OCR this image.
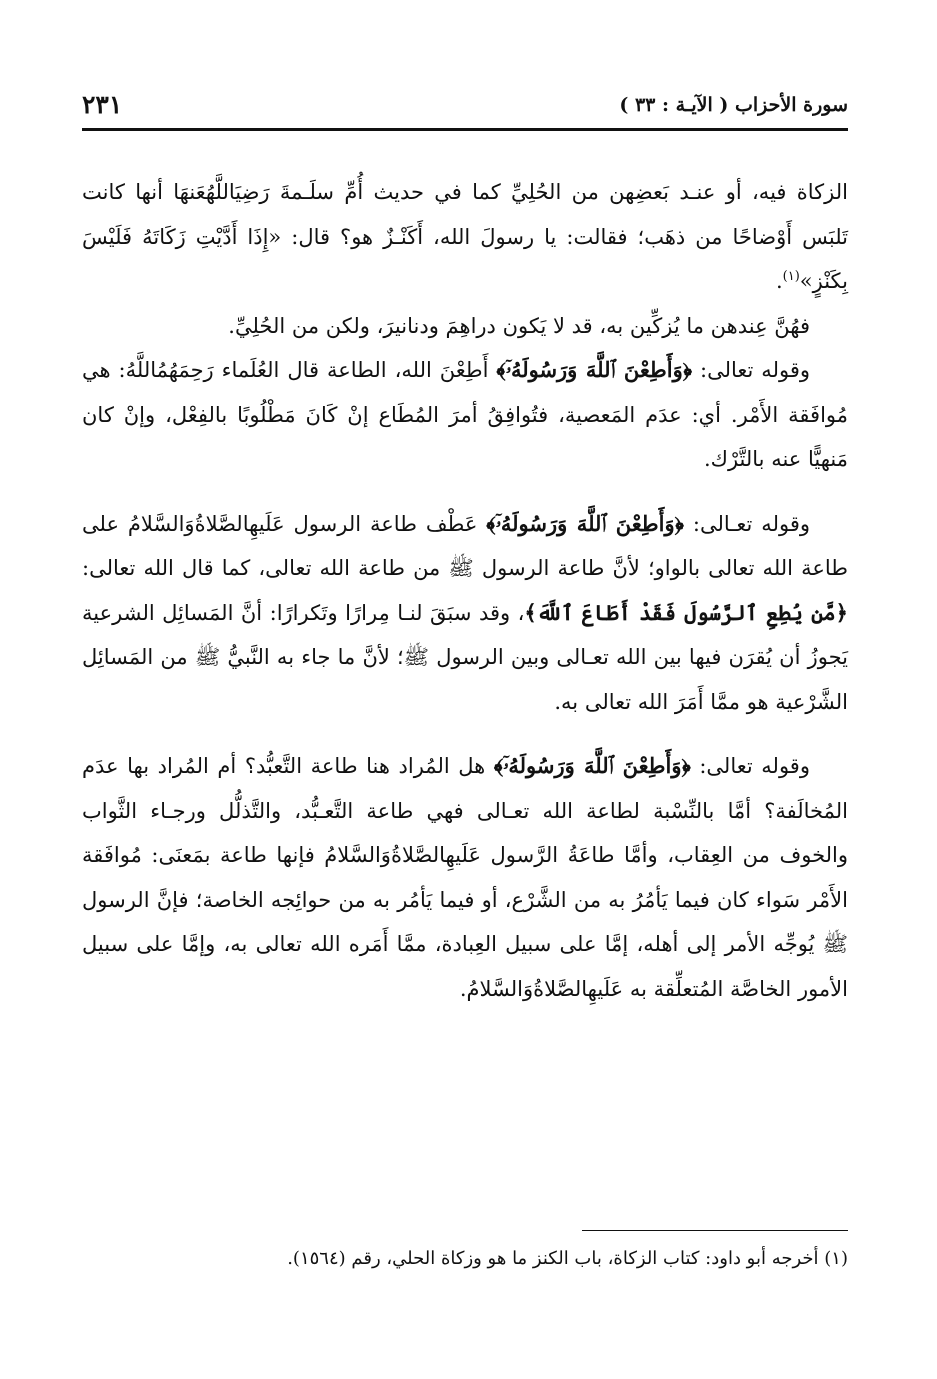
ﺳﻮرة اﻷﺣﺰاب ( اﻵﻳـﺔ : ٣٣ )
٢٣١

الزكاة فيه، أو عنـد بَعضِهن من الحُلِيِّ كما في حديث أُمِّ سلَـمةَ رَضِيَاللَّهُعَنهَا أنها كانت تَلبَس أَوْضاحًا من ذهَب؛ فقالت: يا رسولَ الله، أَكَنْـزٌ هو؟ قال: «إِذَا أَدَّيْتِ زَكَاتَهُ فَلَيْسَ بِكَنْزٍ»$^{(١)}$.

فهُنَّ عِندهن ما يُزكِّين به، قد لا يَكون دراهِمَ ودنانيرَ، ولكن من الحُلِيِّ.

وقوله تعالى: ﴿وَأَطِعْنَ ٱللَّهَ وَرَسُولَهُۥٓ﴾ أَطِعْنَ الله، الطاعة قال العُلَماء رَحِمَهُمُاللَّهُ: هي مُوافَقة الأَمْر. أي: عدَم المَعصية، فتُوافِقُ أمرَ المُطَاع إنْ كَانَ مَطْلُوبًا بالفِعْل، وإنْ كان مَنهيًّا عنه بالتَّرْك.

وقوله تعـالى: ﴿وَأَطِعْنَ ٱللَّهَ وَرَسُولَهُۥٓ﴾ عَطْف طاعة الرسول عَلَيهِالصَّلاةُوَالسَّلامُ على طاعة الله تعالى بالواو؛ لأنَّ طاعة الرسول ﷺ من طاعة الله تعالى، كما قال الله تعالى: ﴿مَّن يُطِعِ ٱلرَّسُولَ فَقَدْ أَطَاعَ ٱللَّهَ﴾، وقد سبَقَ لنـا مِرارًا وتَكرارًا: أنَّ المَسائِل الشرعية يَجوزُ أن يُقرَن فيها بين الله تعـالى وبين الرسول ﷺ؛ لأنَّ ما جاء به النَّبيُّ ﷺ من المَسائِل الشَّرْعية هو ممَّا أَمَرَ الله تعالى به.

وقوله تعالى: ﴿وَأَطِعْنَ ٱللَّهَ وَرَسُولَهُۥٓ﴾ هل المُراد هنا طاعة التَّعبُّد؟ أم المُراد بها عدَم المُخالَفة؟ أمَّا بالنِّسْبة لطاعة الله تعـالى فهي طاعة التَّعـبُّد، والتَّذلُّل ورجـاء الثَّواب والخوف من العِقاب، وأمَّا طاعَةُ الرَّسول عَلَيهِالصَّلاةُوَالسَّلامُ فإنها طاعة بمَعنَى: مُوافَقة الأَمْر سَواء كان فيما يَأمُرُ به من الشَّرْع، أو فيما يَأمُر به من حوائِجه الخاصة؛ فإنَّ الرسول ﷺ يُوجِّه الأمر إلى أهله، إمَّا على سبيل العِبادة، ممَّا أَمَره الله تعالى به، وإمَّا على سبيل الأمور الخاصَّة المُتعلِّقة به عَلَيهِالصَّلاةُوَالسَّلامُ.

(١) أخرجه أبو داود: كتاب الزكاة، باب الكنز ما هو وزكاة الحلي، رقم (١٥٦٤).
